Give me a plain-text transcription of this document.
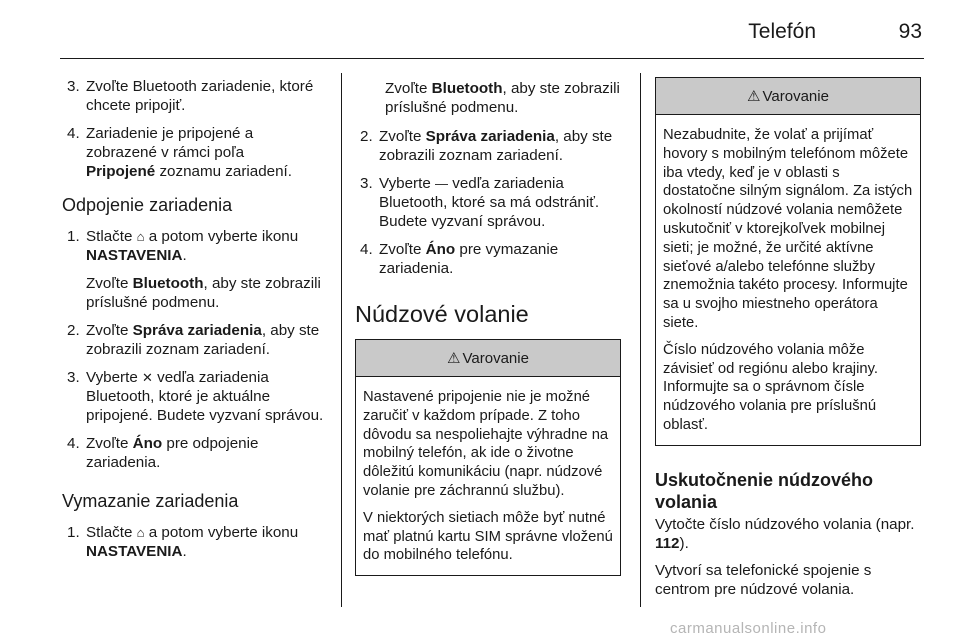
Telefón	93
3. Zvoľte Bluetooth zariadenie, ktoré chcete pripojiť.
4. Zariadenie je pripojené a
zobrazené v rámci poľa
Pripojené zoznamu zariadení.
Odpojenie zariadenia
1. Stlačte ⌂ a potom vyberte ikonu
NASTAVENIA.
Zvoľte Bluetooth, aby ste zobrazili príslušné podmenu.
2. Zvoľte Správa zariadenia, aby ste zobrazili zoznam zariadení.
3. Vyberte ✕ vedľa zariadenia Bluetooth, ktoré je aktuálne pripojené. Budete vyzvaní správou.
4. Zvoľte Áno pre odpojenie zariadenia.
Vymazanie zariadenia
1. Stlačte ⌂ a potom vyberte ikonu
NASTAVENIA.
Zvoľte Bluetooth, aby ste zobrazili príslušné podmenu.
2. Zvoľte Správa zariadenia, aby ste zobrazili zoznam zariadení.
3. Vyberte — vedľa zariadenia Bluetooth, ktoré sa má odstrániť. Budete vyzvaní správou.
4. Zvoľte Áno pre vymazanie zariadenia.
Núdzové volanie
⚠ Varovanie

Nastavené pripojenie nie je možné zaručiť v každom prípade. Z toho dôvodu sa nespoliehajte výhradne na mobilný telefón, ak ide o životne dôležitú komunikáciu (napr. núdzové volanie pre záchrannú službu).

V niektorých sietiach môže byť nutné mať platnú kartu SIM správne vloženú do mobilného telefónu.

⚠ Varovanie

Nezabudnite, že volať a prijímať hovory s mobilným telefónom môžete iba vtedy, keď je v oblasti s dostatočne silným signálom. Za istých okolností núdzové volania nemôžete uskutočniť v ktorejkoľvek mobilnej sieti; je možné, že určité aktívne sieťové a/alebo telefónne služby znemožnia takéto procesy. Informujte sa u svojho miestneho operátora siete.

Číslo núdzového volania môže závisieť od regiónu alebo krajiny. Informujte sa o správnom čísle núdzového volania pre príslušnú oblasť.

Uskutočnenie núdzového volania
Vytočte číslo núdzového volania (napr. 112).
Vytvorí sa telefonické spojenie s centrom pre núdzové volania.
carmanualsonline.info
